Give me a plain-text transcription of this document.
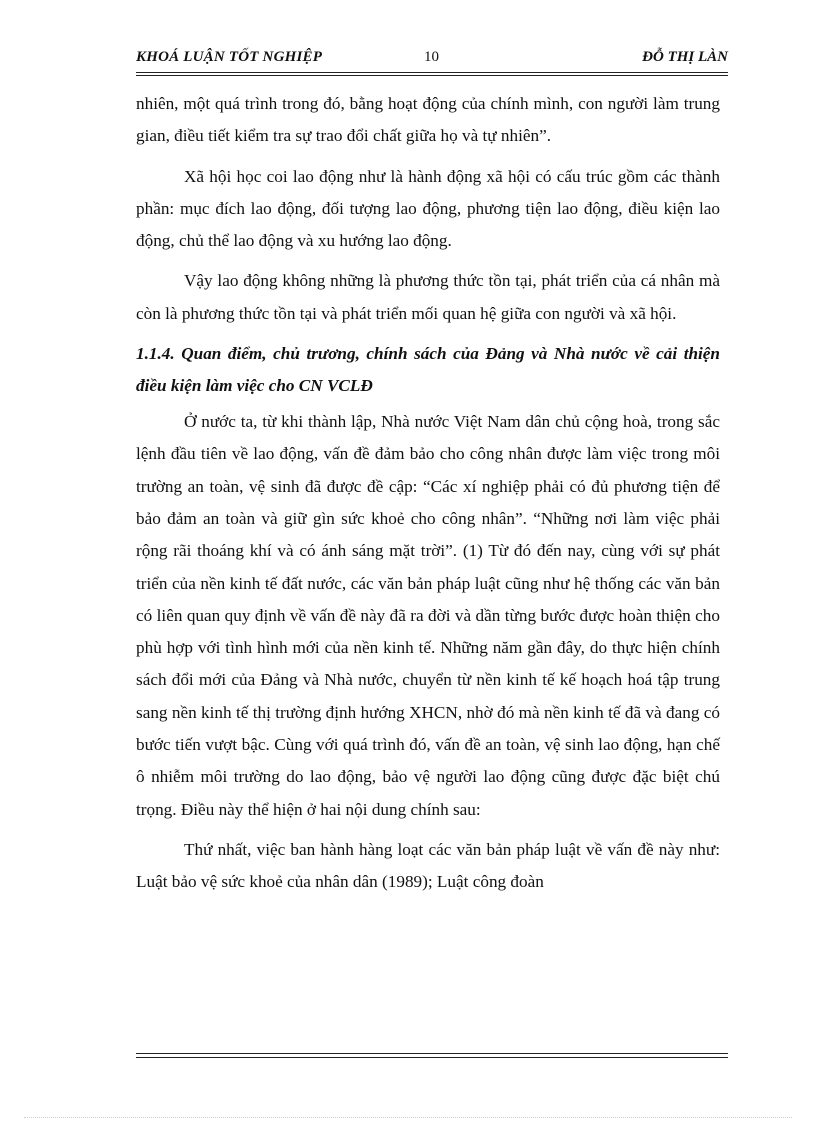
KHOÁ LUẬN TỐT NGHIỆP	10	ĐỖ THỊ LÀN

nhiên, một quá trình trong đó, bằng hoạt động của chính mình, con người làm trung gian, điều tiết kiểm tra sự trao đổi chất giữa họ và tự nhiên”.

Xã hội học coi lao động như là hành động xã hội có cấu trúc gồm các thành phần: mục đích lao động, đối tượng lao động, phương tiện lao động, điều kiện lao động, chủ thể lao động và xu hướng lao động.

Vậy lao động không những là phương thức tồn tại, phát triển của cá nhân mà còn là phương thức tồn tại và phát triển mối quan hệ giữa con người và xã hội.

1.1.4. Quan điểm, chủ trương, chính sách của Đảng và Nhà nước về cải thiện điều kiện làm việc cho CN VCLĐ

Ở nước ta, từ khi thành lập, Nhà nước Việt Nam dân chủ cộng hoà, trong sắc lệnh đầu tiên về lao động, vấn đề đảm bảo cho công nhân được làm việc trong môi trường an toàn, vệ sinh đã được đề cập: “Các xí nghiệp phải có đủ phương tiện để bảo đảm an toàn và giữ gìn sức khoẻ cho công nhân”. “Những nơi làm việc phải rộng rãi thoáng khí và có ánh sáng mặt trời”. (1) Từ đó đến nay, cùng với sự phát triển của nền kinh tế đất nước, các văn bản pháp luật cũng như hệ thống các văn bản có liên quan quy định về vấn đề này đã ra đời và dần từng bước được hoàn thiện cho phù hợp với tình hình mới của nền kinh tế. Những năm gần đây, do thực hiện chính sách đổi mới của Đảng và Nhà nước, chuyển từ nền kinh tế kế hoạch hoá tập trung sang nền kinh tế thị trường định hướng XHCN, nhờ đó mà nền kinh tế đã và đang có bước tiến vượt bậc. Cùng với quá trình đó, vấn đề an toàn, vệ sinh lao động, hạn chế ô nhiễm môi trường do lao động, bảo vệ người lao động cũng được đặc biệt chú trọng. Điều này thể hiện ở hai nội dung chính sau:

Thứ nhất, việc ban hành hàng loạt các văn bản pháp luật về vấn đề này như: Luật bảo vệ sức khoẻ của nhân dân (1989); Luật công đoàn
